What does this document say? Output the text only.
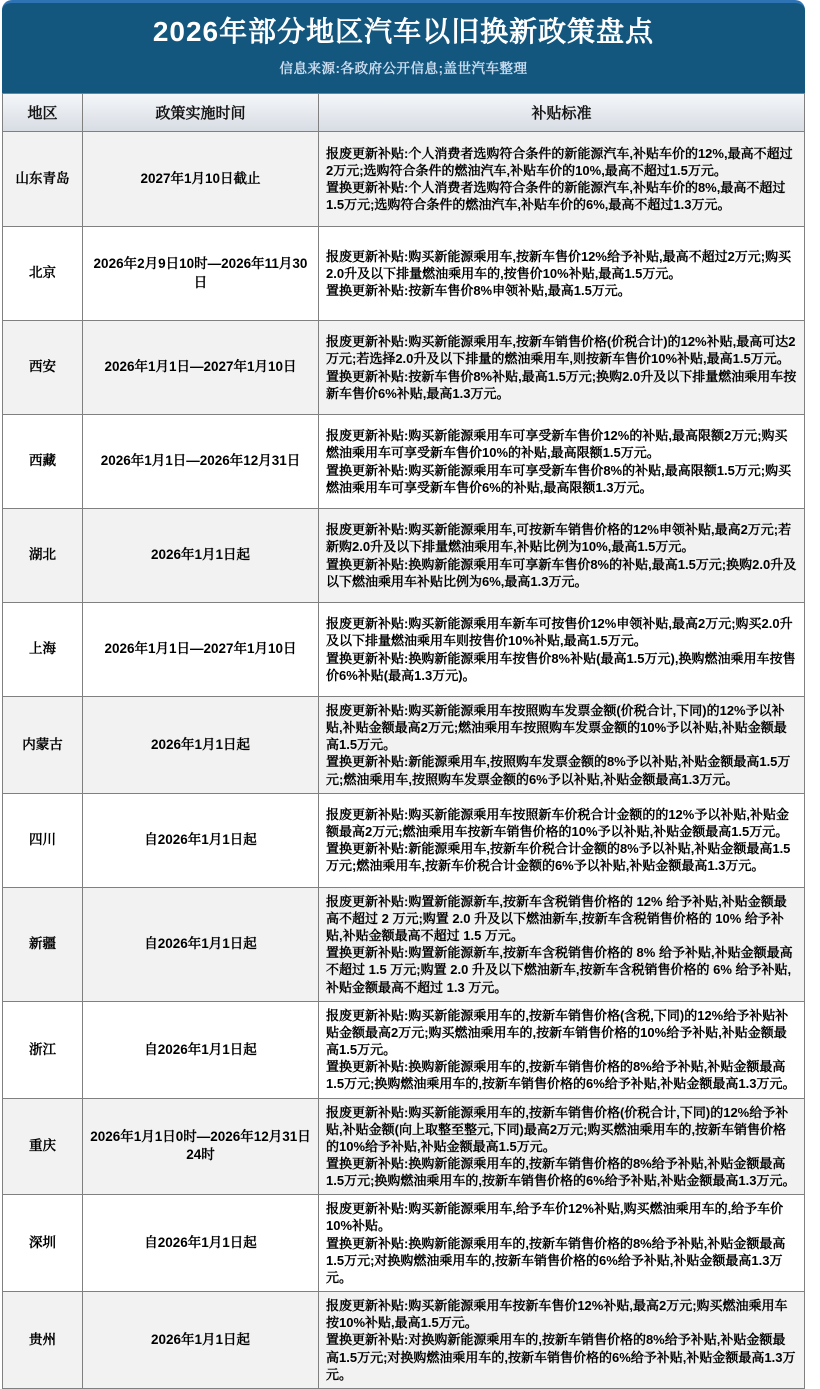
2026年部分地区汽车以旧换新政策盘点
信息来源:各政府公开信息;盖世汽车整理
地区	政策实施时间	补贴标准
山东青岛	2027年1月10日截止
报废更新补贴:个人消费者选购符合条件的新能源汽车,补贴车价的12%,最高不超过2万元;选购符合条件的燃油汽车,补贴车价的10%,最高不超过1.5万元。
置换更新补贴:个人消费者选购符合条件的新能源汽车,补贴车价的8%,最高不超过1.5万元;选购符合条件的燃油汽车,补贴车价的6%,最高不超过1.3万元。
北京
2026年2月9日10时—2026年11月30日
报废更新补贴:购买新能源乘用车,按新车售价12%给予补贴,最高不超过2万元;购买2.0升及以下排量燃油乘用车的,按售价10%补贴,最高1.5万元。
置换更新补贴:按新车售价8%申领补贴,最高1.5万元。
西安	2026年1月1日—2027年1月10日
报废更新补贴:购买新能源乘用车,按新车销售价格(价税合计)的12%补贴,最高可达2万元;若选择2.0升及以下排量的燃油乘用车,则按新车售价10%补贴,最高1.5万元。
置换更新补贴:按新车售价8%补贴,最高1.5万元;换购2.0升及以下排量燃油乘用车按新车售价6%补贴,最高1.3万元。
西藏	2026年1月1日—2026年12月31日
报废更新补贴:购买新能源乘用车可享受新车售价12%的补贴,最高限额2万元;购买燃油乘用车可享受新车售价10%的补贴,最高限额1.5万元。
置换更新补贴:购买新能源乘用车可享受新车售价8%的补贴,最高限额1.5万元;购买燃油乘用车可享受新车售价6%的补贴,最高限额1.3万元。
湖北	2026年1月1日起
报废更新补贴:购买新能源乘用车,可按新车销售价格的12%申领补贴,最高2万元;若新购2.0升及以下排量燃油乘用车,补贴比例为10%,最高1.5万元。
置换更新补贴:换购新能源乘用车可享新车售价8%的补贴,最高1.5万元;换购2.0升及以下燃油乘用车补贴比例为6%,最高1.3万元。
上海	2026年1月1日—2027年1月10日
报废更新补贴:购买新能源乘用车新车可按售价12%申领补贴,最高2万元;购买2.0升及以下排量燃油乘用车则按售价10%补贴,最高1.5万元。
置换更新补贴:换购新能源乘用车按售价8%补贴(最高1.5万元),换购燃油乘用车按售价6%补贴(最高1.3万元)。
内蒙古	2026年1月1日起
报废更新补贴:购买新能源乘用车按照购车发票金额(价税合计,下同)的12%予以补贴,补贴金额最高2万元;燃油乘用车按照购车发票金额的10%予以补贴,补贴金额最高1.5万元。
置换更新补贴:新能源乘用车,按照购车发票金额的8%予以补贴,补贴金额最高1.5万元;燃油乘用车,按照购车发票金额的6%予以补贴,补贴金额最高1.3万元。
四川	自2026年1月1日起
报废更新补贴:购买新能源乘用车按照新车价税合计金额的的12%予以补贴,补贴金额最高2万元;燃油乘用车按新车销售价格的10%予以补贴,补贴金额最高1.5万元。
置换更新补贴:新能源乘用车,按新车价税合计金额的8%予以补贴,补贴金额最高1.5万元;燃油乘用车,按新车价税合计金额的6%予以补贴,补贴金额最高1.3万元。
新疆	自2026年1月1日起
报废更新补贴:购置新能源新车,按新车含税销售价格的 12% 给予补贴,补贴金额最高不超过 2 万元;购置 2.0 升及以下燃油新车,按新车含税销售价格的 10% 给予补贴,补贴金额最高不超过 1.5 万元。
置换更新补贴:购置新能源新车,按新车含税销售价格的 8% 给予补贴,补贴金额最高不超过 1.5 万元;购置 2.0 升及以下燃油新车,按新车含税销售价格的 6% 给予补贴,补贴金额最高不超过 1.3 万元。
浙江	自2026年1月1日起
报废更新补贴:购买新能源乘用车的,按新车销售价格(含税,下同)的12%给予补贴补贴金额最高2万元;购买燃油乘用车的,按新车销售价格的10%给予补贴,补贴金额最高1.5万元。
置换更新补贴:换购新能源乘用车的,按新车销售价格的8%给予补贴,补贴金额最高1.5万元;换购燃油乘用车的,按新车销售价格的6%给予补贴,补贴金额最高1.3万元。
重庆
2026年1月1日0时—2026年12月31日24时
报废更新补贴:购买新能源乘用车的,按新车销售价格(价税合计,下同)的12%给予补贴,补贴金额(向上取整至整元,下同)最高2万元;购买燃油乘用车的,按新车销售价格的10%给予补贴,补贴金额最高1.5万元。
置换更新补贴:换购新能源乘用车的,按新车销售价格的8%给予补贴,补贴金额最高1.5万元;换购燃油乘用车的,按新车销售价格的6%给予补贴,补贴金额最高1.3万元。
深圳	自2026年1月1日起
报废更新补贴:购买新能源乘用车,给予车价12%补贴,购买燃油乘用车的,给予车价10%补贴。
置换更新补贴:换购新能源乘用车的,按新车销售价格的8%给予补贴,补贴金额最高1.5万元;对换购燃油乘用车的,按新车销售价格的6%给予补贴,补贴金额最高1.3万元。
贵州	2026年1月1日起
报废更新补贴:购买新能源乘用车按新车售价12%补贴,最高2万元;购买燃油乘用车按10%补贴,最高1.5万元。
置换更新补贴:对换购新能源乘用车的,按新车销售价格的8%给予补贴,补贴金额最高1.5万元;对换购燃油乘用车的,按新车销售价格的6%给予补贴,补贴金额最高1.3万元。
